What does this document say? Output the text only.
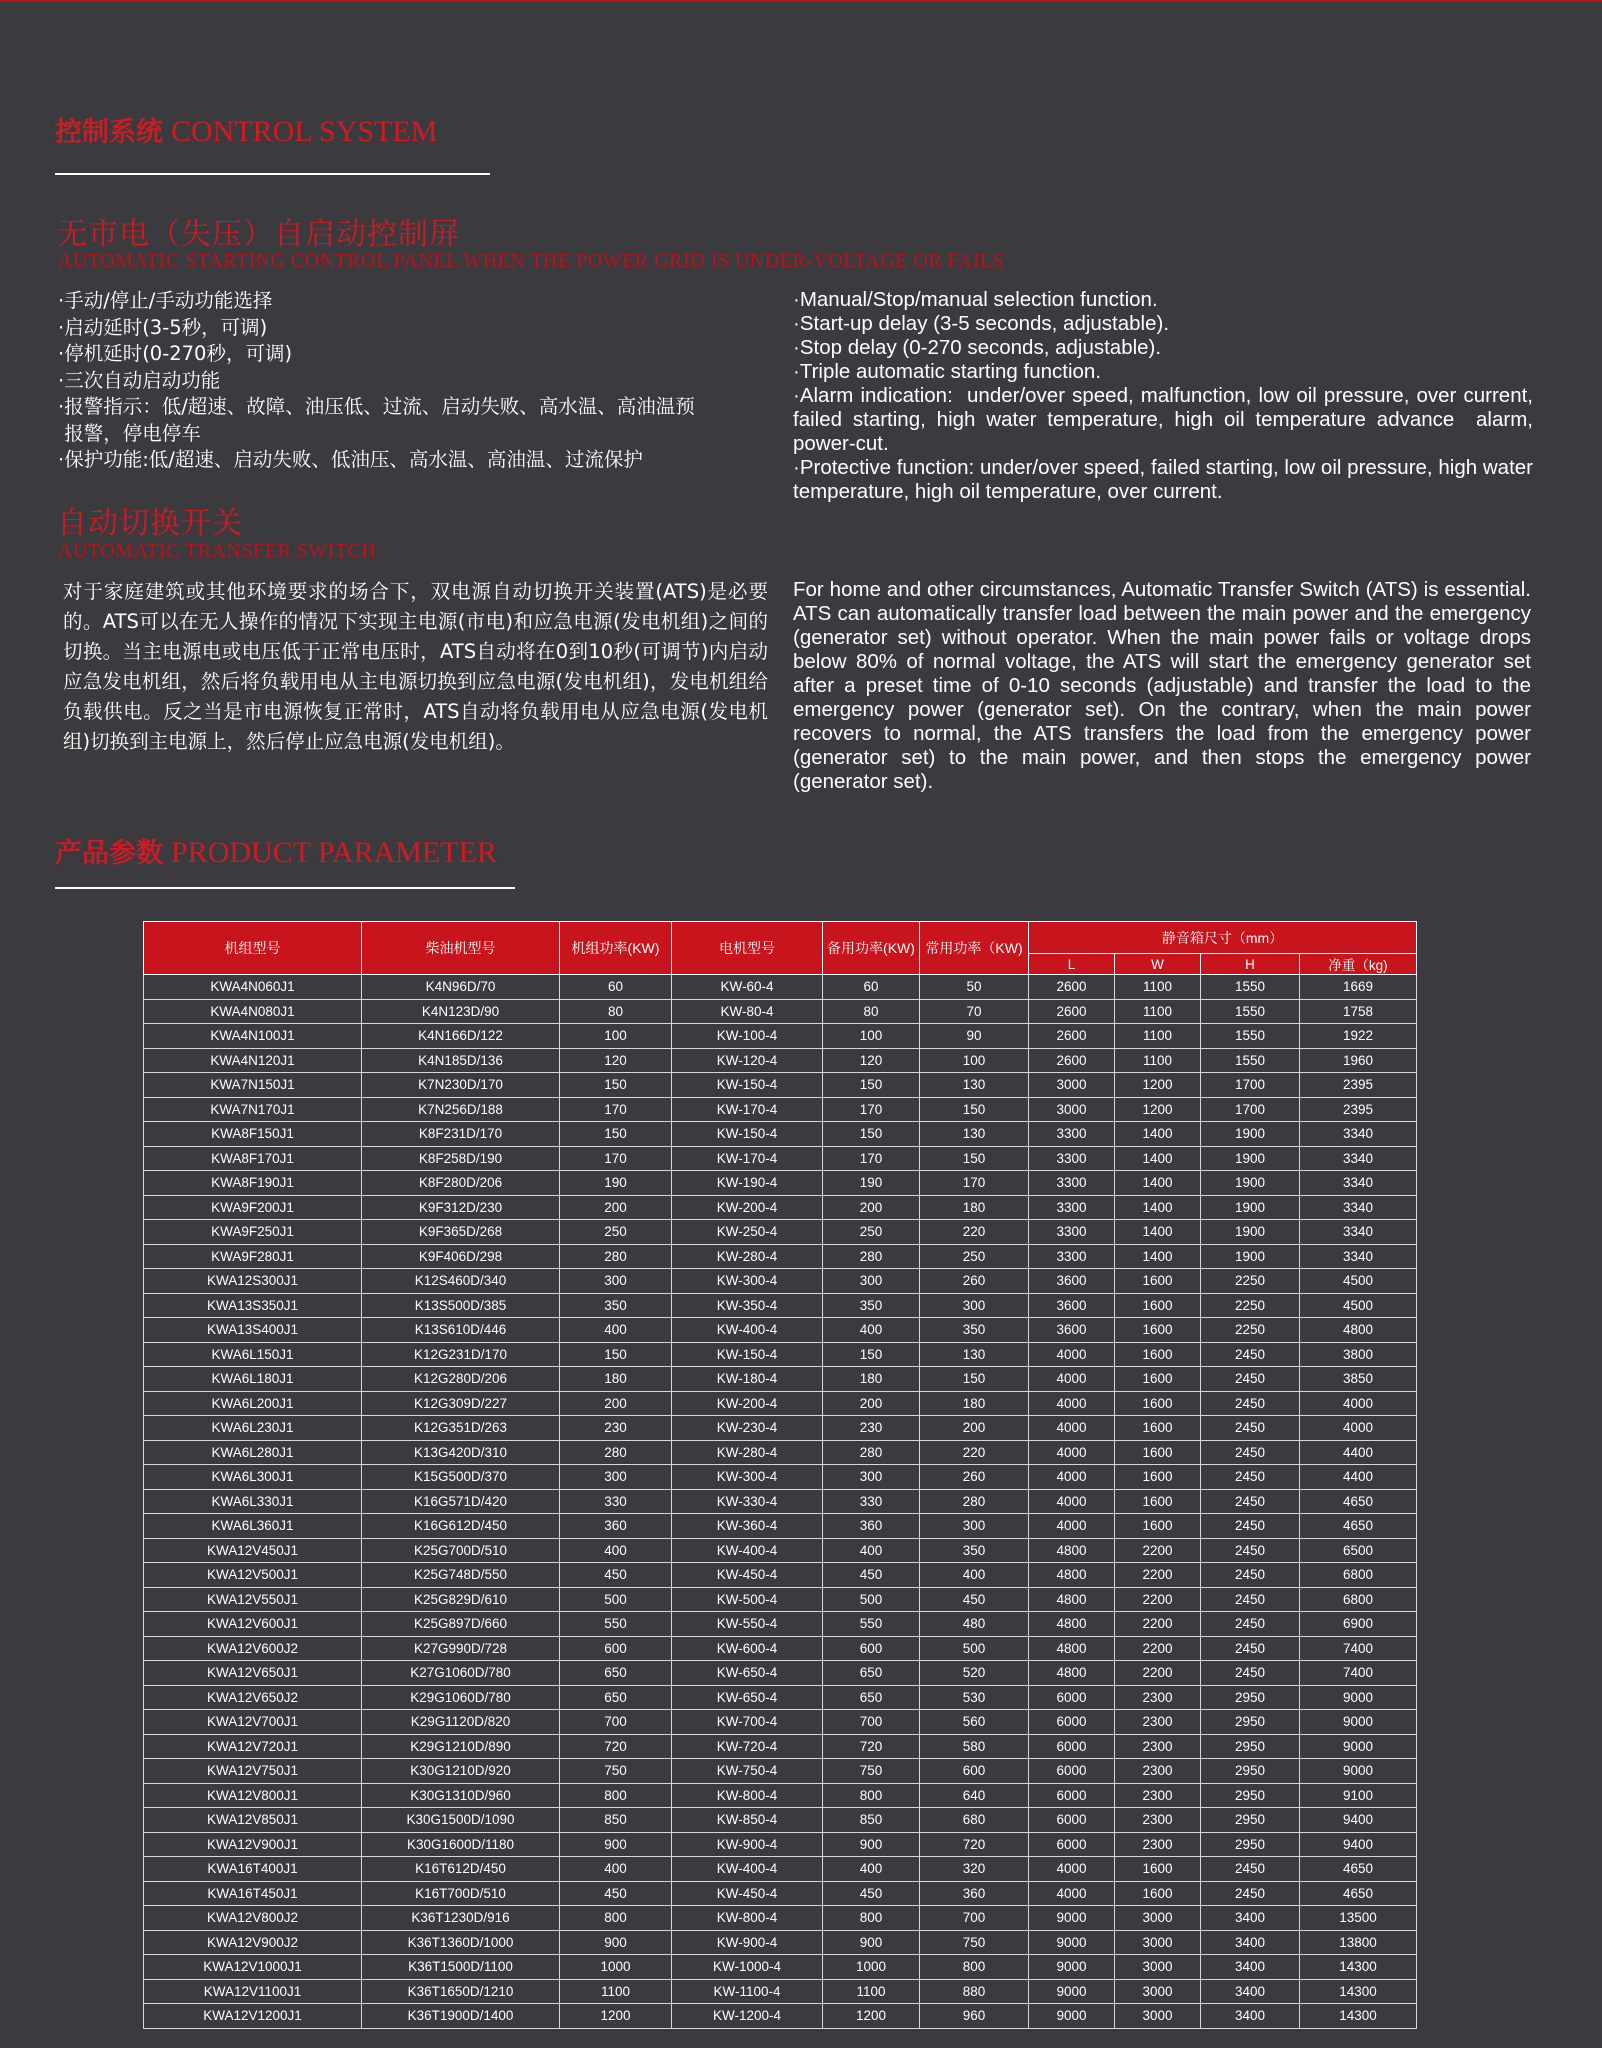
控制系统 CONTROL SYSTEM
无市电（失压）自启动控制屏
AUTOMATIC STARTING CONTROL PANEL WHEN THE POWER GRID IS UNDER-VOLTAGE OR FAILS
·手动/停止/手动功能选择
·启动延时(3-5秒，可调)
·停机延时(0-270秒，可调)
·三次自动启动功能
·报警指示：低/超速、故障、油压低、过流、启动失败、高水温、高油温预
报警，停电停车
·保护功能:低/超速、启动失败、低油压、高水温、高油温、过流保护
·Manual/Stop/manual selection function.
·Start-up delay (3-5 seconds, adjustable).
·Stop delay (0-270 seconds, adjustable).
·Triple automatic starting function.
·Alarm indication:  under/over speed, malfunction, low oil pressure, over current, failed starting, high water temperature, high oil temperature advance  alarm, power-cut.
·Protective function: under/over speed, failed starting, low oil pressure, high water temperature, high oil temperature, over current.
自动切换开关
AUTOMATIC TRANSFER SWITCH

对于家庭建筑或其他环境要求的场合下，双电源自动切换开关装置(ATS)是必要的。ATS可以在无人操作的情况下实现主电源(市电)和应急电源(发电机组)之间的切换。当主电源电或电压低于正常电压时，ATS自动将在0到10秒(可调节)内启动应急发电机组，然后将负载用电从主电源切换到应急电源(发电机组)，发电机组给负载供电。反之当是市电源恢复正常时，ATS自动将负载用电从应急电源(发电机组)切换到主电源上，然后停止应急电源(发电机组)。

For home and other circumstances, Automatic Transfer Switch (ATS) is essential. ATS can automatically transfer load between the main power and the emergency (generator set) without operator. When the main power fails or voltage drops below 80% of normal voltage, the ATS will start the emergency generator set after a preset time of 0-10 seconds (adjustable) and transfer the load to the emergency power (generator set). On the contrary, when the main power recovers to normal, the ATS transfers the load from the emergency power (generator set) to the main power, and then stops the emergency power (generator set).

产品参数 PRODUCT PARAMETER
机组型号	柴油机型号	机组功率(KW)	电机型号	备用功率(KW)	常用功率（KW)	静音箱尺寸（mm）			
						L	W	H	净重（kg)
KWA4N060J1	K4N96D/70	60	KW-60-4	60	50	2600	1100	1550	1669
KWA4N080J1	K4N123D/90	80	KW-80-4	80	70	2600	1100	1550	1758
KWA4N100J1	K4N166D/122	100	KW-100-4	100	90	2600	1100	1550	1922
KWA4N120J1	K4N185D/136	120	KW-120-4	120	100	2600	1100	1550	1960
KWA7N150J1	K7N230D/170	150	KW-150-4	150	130	3000	1200	1700	2395
KWA7N170J1	K7N256D/188	170	KW-170-4	170	150	3000	1200	1700	2395
KWA8F150J1	K8F231D/170	150	KW-150-4	150	130	3300	1400	1900	3340
KWA8F170J1	K8F258D/190	170	KW-170-4	170	150	3300	1400	1900	3340
KWA8F190J1	K8F280D/206	190	KW-190-4	190	170	3300	1400	1900	3340
KWA9F200J1	K9F312D/230	200	KW-200-4	200	180	3300	1400	1900	3340
KWA9F250J1	K9F365D/268	250	KW-250-4	250	220	3300	1400	1900	3340
KWA9F280J1	K9F406D/298	280	KW-280-4	280	250	3300	1400	1900	3340
KWA12S300J1	K12S460D/340	300	KW-300-4	300	260	3600	1600	2250	4500
KWA13S350J1	K13S500D/385	350	KW-350-4	350	300	3600	1600	2250	4500
KWA13S400J1	K13S610D/446	400	KW-400-4	400	350	3600	1600	2250	4800
KWA6L150J1	K12G231D/170	150	KW-150-4	150	130	4000	1600	2450	3800
KWA6L180J1	K12G280D/206	180	KW-180-4	180	150	4000	1600	2450	3850
KWA6L200J1	K12G309D/227	200	KW-200-4	200	180	4000	1600	2450	4000
KWA6L230J1	K12G351D/263	230	KW-230-4	230	200	4000	1600	2450	4000
KWA6L280J1	K13G420D/310	280	KW-280-4	280	220	4000	1600	2450	4400
KWA6L300J1	K15G500D/370	300	KW-300-4	300	260	4000	1600	2450	4400
KWA6L330J1	K16G571D/420	330	KW-330-4	330	280	4000	1600	2450	4650
KWA6L360J1	K16G612D/450	360	KW-360-4	360	300	4000	1600	2450	4650
KWA12V450J1	K25G700D/510	400	KW-400-4	400	350	4800	2200	2450	6500
KWA12V500J1	K25G748D/550	450	KW-450-4	450	400	4800	2200	2450	6800
KWA12V550J1	K25G829D/610	500	KW-500-4	500	450	4800	2200	2450	6800
KWA12V600J1	K25G897D/660	550	KW-550-4	550	480	4800	2200	2450	6900
KWA12V600J2	K27G990D/728	600	KW-600-4	600	500	4800	2200	2450	7400
KWA12V650J1	K27G1060D/780	650	KW-650-4	650	520	4800	2200	2450	7400
KWA12V650J2	K29G1060D/780	650	KW-650-4	650	530	6000	2300	2950	9000
KWA12V700J1	K29G1120D/820	700	KW-700-4	700	560	6000	2300	2950	9000
KWA12V720J1	K29G1210D/890	720	KW-720-4	720	580	6000	2300	2950	9000
KWA12V750J1	K30G1210D/920	750	KW-750-4	750	600	6000	2300	2950	9000
KWA12V800J1	K30G1310D/960	800	KW-800-4	800	640	6000	2300	2950	9100
KWA12V850J1	K30G1500D/1090	850	KW-850-4	850	680	6000	2300	2950	9400
KWA12V900J1	K30G1600D/1180	900	KW-900-4	900	720	6000	2300	2950	9400
KWA16T400J1	K16T612D/450	400	KW-400-4	400	320	4000	1600	2450	4650
KWA16T450J1	K16T700D/510	450	KW-450-4	450	360	4000	1600	2450	4650
KWA12V800J2	K36T1230D/916	800	KW-800-4	800	700	9000	3000	3400	13500
KWA12V900J2	K36T1360D/1000	900	KW-900-4	900	750	9000	3000	3400	13800
KWA12V1000J1	K36T1500D/1100	1000	KW-1000-4	1000	800	9000	3000	3400	14300
KWA12V1100J1	K36T1650D/1210	1100	KW-1100-4	1100	880	9000	3000	3400	14300
KWA12V1200J1	K36T1900D/1400	1200	KW-1200-4	1200	960	9000	3000	3400	14300
